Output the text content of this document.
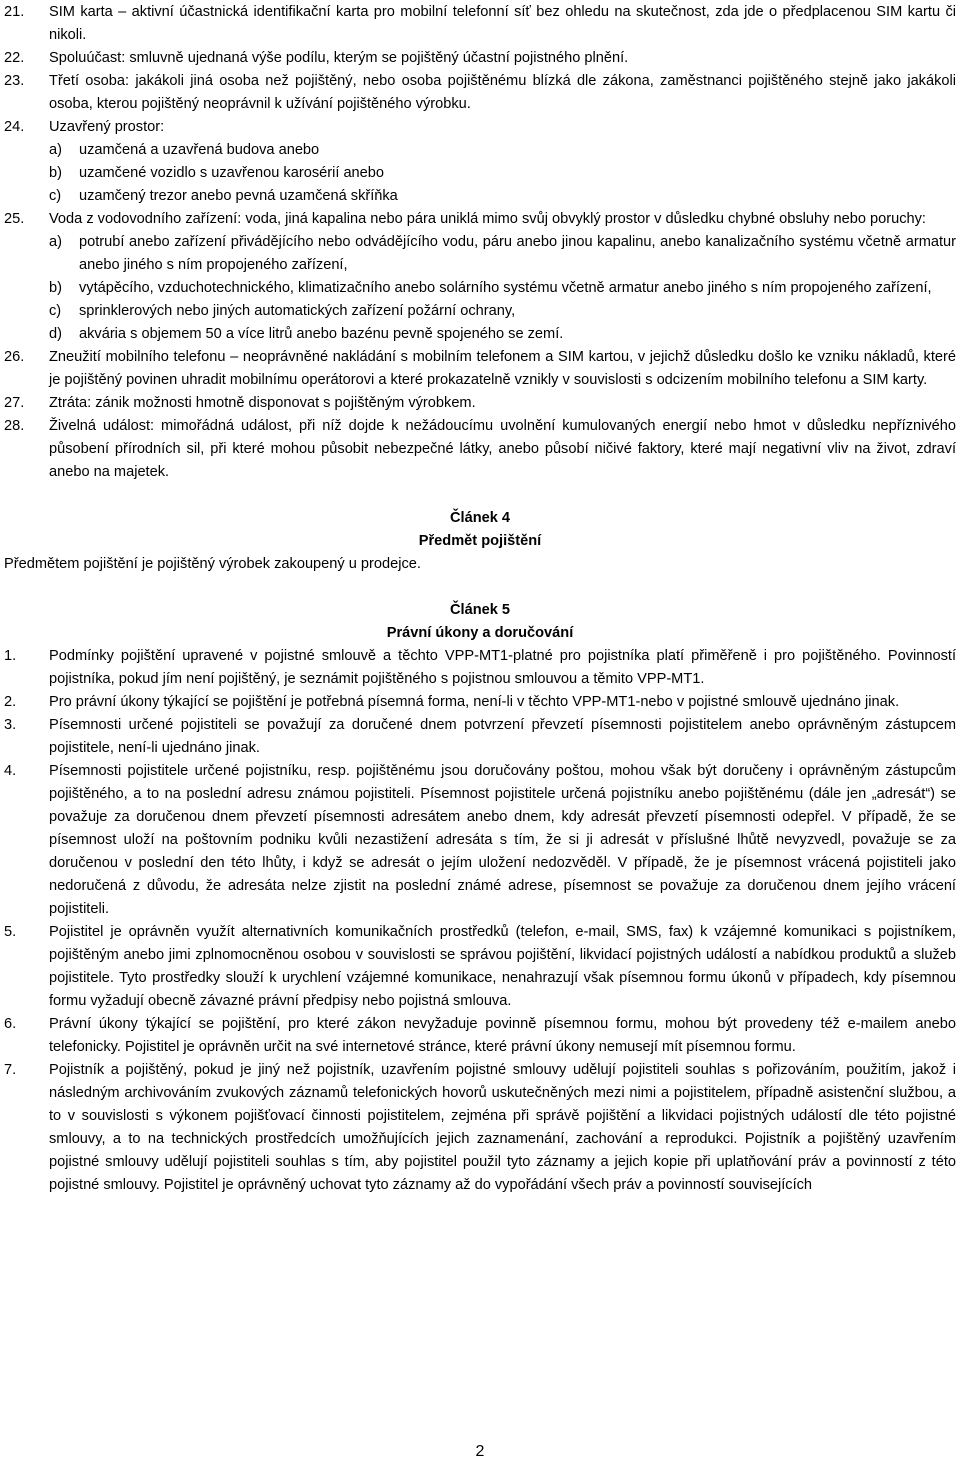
21. SIM karta – aktivní účastnická identifikační karta pro mobilní telefonní síť bez ohledu na skutečnost, zda jde o předplacenou SIM kartu či nikoli.
22. Spoluúčast: smluvně ujednaná výše podílu, kterým se pojištěný účastní pojistného plnění.
23. Třetí osoba: jakákoli jiná osoba než pojištěný, nebo osoba pojištěnému blízká dle zákona, zaměstnanci pojištěného stejně jako jakákoli osoba, kterou pojištěný neoprávnil k užívání pojištěného výrobku.
24. Uzavřený prostor:
a) uzamčená a uzavřená budova anebo
b) uzamčené vozidlo s uzavřenou karosérií anebo
c) uzamčený trezor anebo pevná uzamčená skříňka
25. Voda z vodovodního zařízení: voda, jiná kapalina nebo pára uniklá mimo svůj obvyklý prostor v důsledku chybné obsluhy nebo poruchy:
a) potrubí anebo zařízení přivádějícího nebo odvádějícího vodu, páru anebo jinou kapalinu, anebo kanalizačního systému včetně armatur anebo jiného s ním propojeného zařízení,
b) vytápěcího, vzduchotechnického, klimatizačního anebo solárního systému včetně armatur anebo jiného s ním propojeného zařízení,
c) sprinklerových nebo jiných automatických zařízení požární ochrany,
d) akvária s objemem 50 a více litrů anebo bazénu pevně spojeného se zemí.
26. Zneužití mobilního telefonu – neoprávněné nakládání s mobilním telefonem a SIM kartou, v jejichž důsledku došlo ke vzniku nákladů, které je pojištěný povinen uhradit mobilnímu operátorovi a které prokazatelně vznikly v souvislosti s odcizením mobilního telefonu a SIM karty.
27. Ztráta: zánik možnosti hmotně disponovat s pojištěným výrobkem.
28. Živelná událost: mimořádná událost, při níž dojde k nežádoucímu uvolnění kumulovaných energií nebo hmot v důsledku nepříznivého působení přírodních sil, při které mohou působit nebezpečné látky, anebo působí ničivé faktory, které mají negativní vliv na život, zdraví anebo na majetek.
Článek 4
Předmět pojištění
Předmětem pojištění je pojištěný výrobek zakoupený u prodejce.
Článek 5
Právní úkony a doručování
1. Podmínky pojištění upravené v pojistné smlouvě a těchto VPP-MT1-platné pro pojistníka platí přiměřeně i pro pojištěného. Povinností pojistníka, pokud jím není pojištěný, je seznámit pojištěného s pojistnou smlouvou a těmito VPP-MT1.
2. Pro právní úkony týkající se pojištění je potřebná písemná forma, není-li v těchto VPP-MT1-nebo v pojistné smlouvě ujednáno jinak.
3. Písemnosti určené pojistiteli se považují za doručené dnem potvrzení převzetí písemnosti pojistitelem anebo oprávněným zástupcem pojistitele, není-li ujednáno jinak.
4. Písemnosti pojistitele určené pojistníku, resp. pojištěnému jsou doručovány poštou, mohou však být doručeny i oprávněným zástupcům pojištěného, a to na poslední adresu známou pojistiteli. Písemnost pojistitele určená pojistníku anebo pojištěnému (dále jen „adresát“) se považuje za doručenou dnem převzetí písemnosti adresátem anebo dnem, kdy adresát převzetí písemnosti odepřel. V případě, že se písemnost uloží na poštovním podniku kvůli nezastižení adresáta s tím, že si ji adresát v příslušné lhůtě nevyzvedl, považuje se za doručenou v poslední den této lhůty, i když se adresát o jejím uložení nedozvěděl. V případě, že je písemnost vrácená pojistiteli jako nedoručená z důvodu, že adresáta nelze zjistit na poslední známé adrese, písemnost se považuje za doručenou dnem jejího vrácení pojistiteli.
5. Pojistitel je oprávněn využít alternativních komunikačních prostředků (telefon, e-mail, SMS, fax) k vzájemné komunikaci s pojistníkem, pojištěným anebo jimi zplnomocněnou osobou v souvislosti se správou pojištění, likvidací pojistných událostí a nabídkou produktů a služeb pojistitele. Tyto prostředky slouží k urychlení vzájemné komunikace, nenahrazují však písemnou formu úkonů v případech, kdy písemnou formu vyžadují obecně závazné právní předpisy nebo pojistná smlouva.
6. Právní úkony týkající se pojištění, pro které zákon nevyžaduje povinně písemnou formu, mohou být provedeny též e-mailem anebo telefonicky. Pojistitel je oprávněn určit na své internetové stránce, které právní úkony nemusejí mít písemnou formu.
7. Pojistník a pojištěný, pokud je jiný než pojistník, uzavřením pojistné smlouvy udělují pojistiteli souhlas s pořizováním, použitím, jakož i následným archivováním zvukových záznamů telefonických hovorů uskutečněných mezi nimi a pojistitelem, případně asistenční službou, a to v souvislosti s výkonem pojišťovací činnosti pojistitelem, zejména při správě pojištění a likvidaci pojistných událostí dle této pojistné smlouvy, a to na technických prostředcích umožňujících jejich zaznamenání, zachování a reprodukci. Pojistník a pojištěný uzavřením pojistné smlouvy udělují pojistiteli souhlas s tím, aby pojistitel použil tyto záznamy a jejich kopie při uplatňování práv a povinností z této pojistné smlouvy. Pojistitel je oprávněný uchovat tyto záznamy až do vypořádání všech práv a povinností souvisejících
2
